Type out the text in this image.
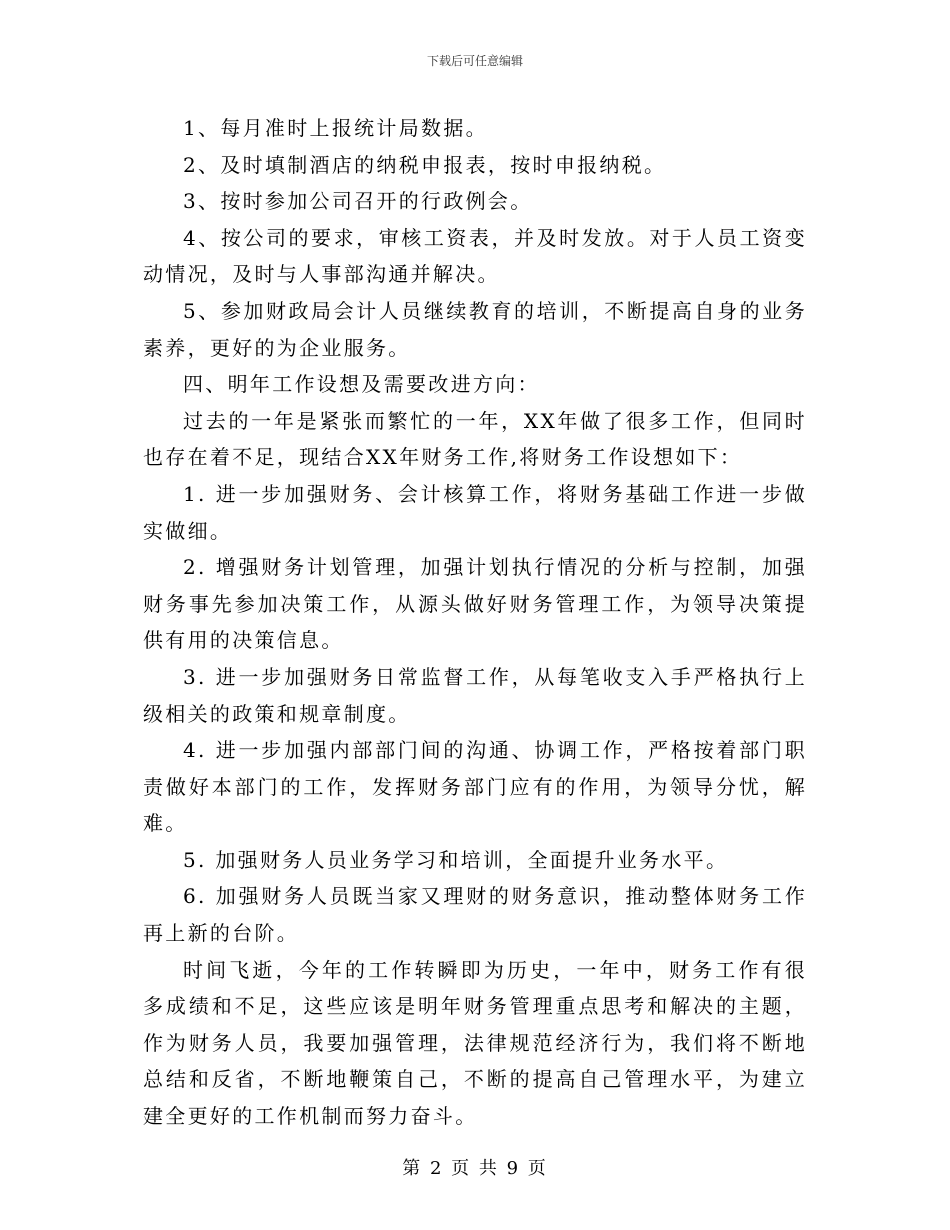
下载后可任意编辑

1、每月准时上报统计局数据。

2、及时填制酒店的纳税申报表，按时申报纳税。

3、按时参加公司召开的行政例会。

4、按公司的要求，审核工资表，并及时发放。对于人员工资变动情况，及时与人事部沟通并解决。

5、参加财政局会计人员继续教育的培训，不断提高自身的业务素养，更好的为企业服务。

四、明年工作设想及需要改进方向：

过去的一年是紧张而繁忙的一年，XX年做了很多工作，但同时也存在着不足，现结合XX年财务工作,将财务工作设想如下：

1. 进一步加强财务、会计核算工作，将财务基础工作进一步做实做细。

2. 增强财务计划管理，加强计划执行情况的分析与控制，加强财务事先参加决策工作，从源头做好财务管理工作，为领导决策提供有用的决策信息。

3. 进一步加强财务日常监督工作，从每笔收支入手严格执行上级相关的政策和规章制度。

4. 进一步加强内部部门间的沟通、协调工作，严格按着部门职责做好本部门的工作，发挥财务部门应有的作用，为领导分忧，解难。

5. 加强财务人员业务学习和培训，全面提升业务水平。

6. 加强财务人员既当家又理财的财务意识，推动整体财务工作再上新的台阶。

时间飞逝，今年的工作转瞬即为历史，一年中，财务工作有很多成绩和不足，这些应该是明年财务管理重点思考和解决的主题，作为财务人员，我要加强管理，法律规范经济行为，我们将不断地总结和反省，不断地鞭策自己，不断的提高自己管理水平，为建立建全更好的工作机制而努力奋斗。

第 2 页 共 9 页
